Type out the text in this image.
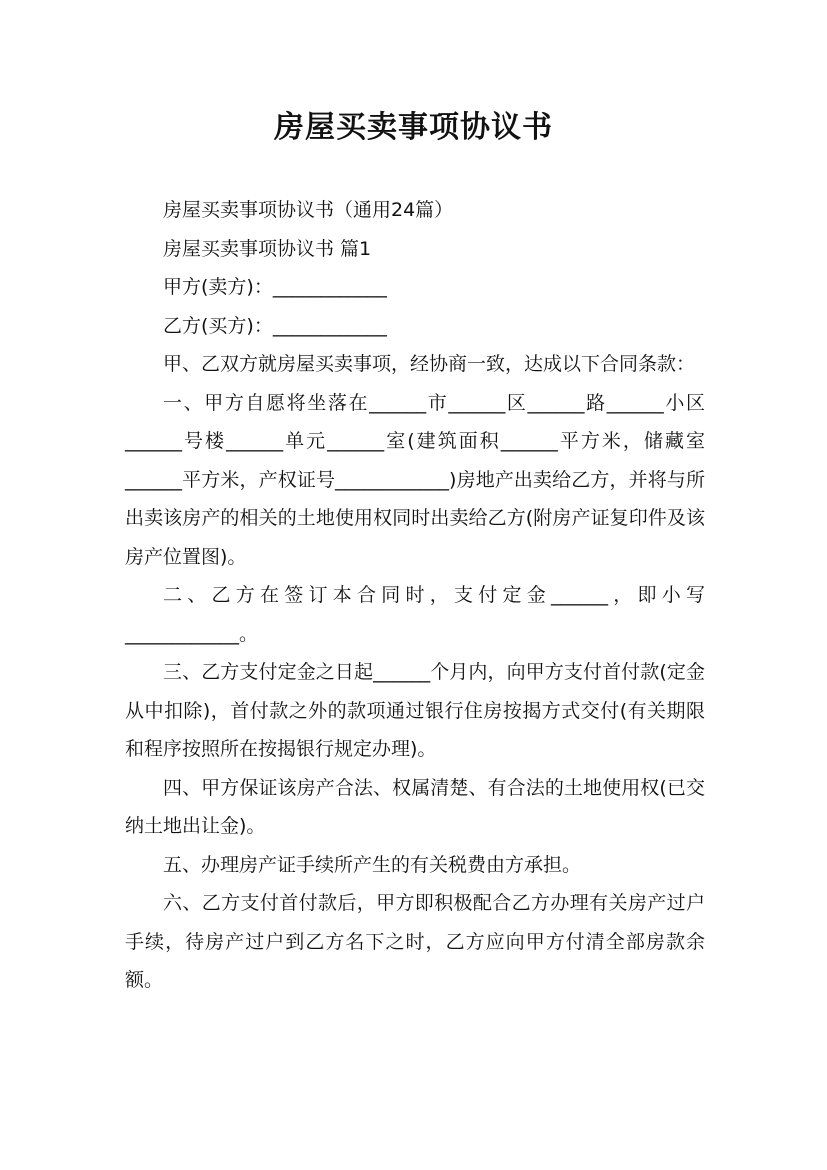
房屋买卖事项协议书

房屋买卖事项协议书（通用24篇）

房屋买卖事项协议书 篇1

甲方(卖方)：____________

乙方(买方)：____________

甲、乙双方就房屋买卖事项，经协商一致，达成以下合同条款：

一、甲方自愿将坐落在______市______区______路______小区______号楼______单元______室(建筑面积______平方米，储藏室______平方米，产权证号____________)房地产出卖给乙方，并将与所出卖该房产的相关的土地使用权同时出卖给乙方(附房产证复印件及该房产位置图)。

二、乙方在签订本合同时，支付定金______，即小写____________。

三、乙方支付定金之日起______个月内，向甲方支付首付款(定金从中扣除)，首付款之外的款项通过银行住房按揭方式交付(有关期限和程序按照所在按揭银行规定办理)。

四、甲方保证该房产合法、权属清楚、有合法的土地使用权(已交纳土地出让金)。

五、办理房产证手续所产生的有关税费由方承担。

六、乙方支付首付款后，甲方即积极配合乙方办理有关房产过户手续，待房产过户到乙方名下之时，乙方应向甲方付清全部房款余额。
